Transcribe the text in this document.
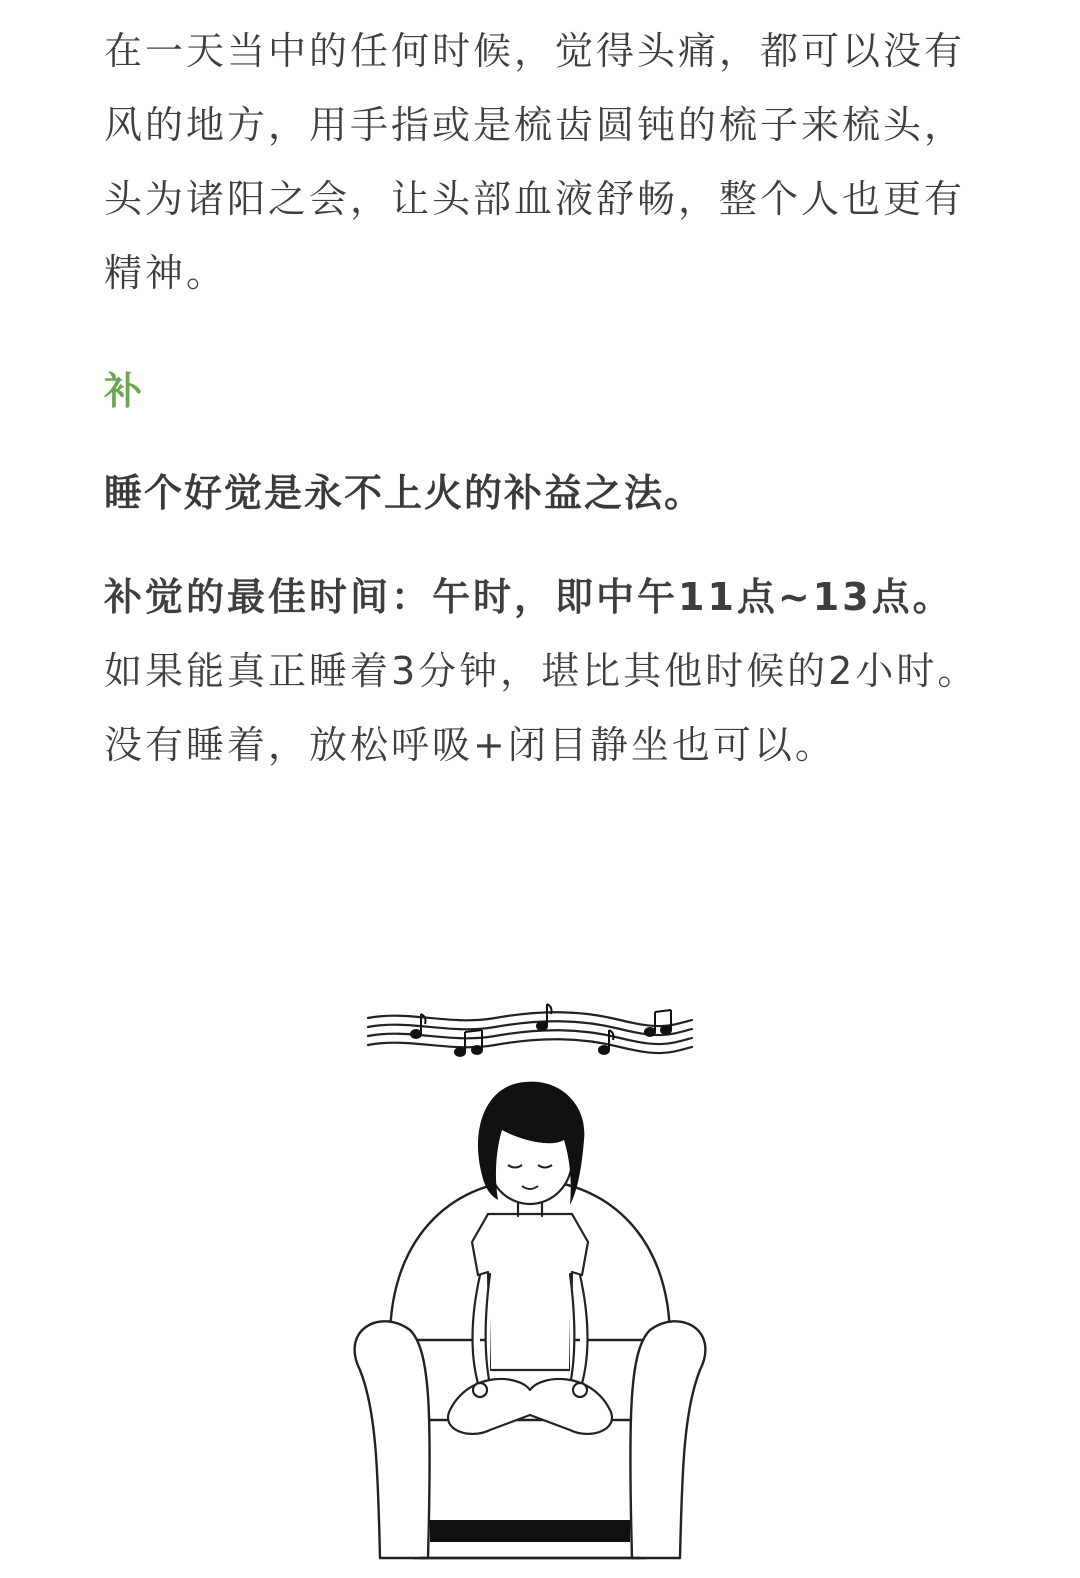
在一天当中的任何时候，觉得头痛，都可以没有风的地方，用手指或是梳齿圆钝的梳子来梳头，头为诸阳之会，让头部血液舒畅，整个人也更有精神。

补

睡个好觉是永不上火的补益之法。

补觉的最佳时间：午时，即中午11点~13点。如果能真正睡着3分钟，堪比其他时候的2小时。没有睡着，放松呼吸+闭目静坐也可以。
